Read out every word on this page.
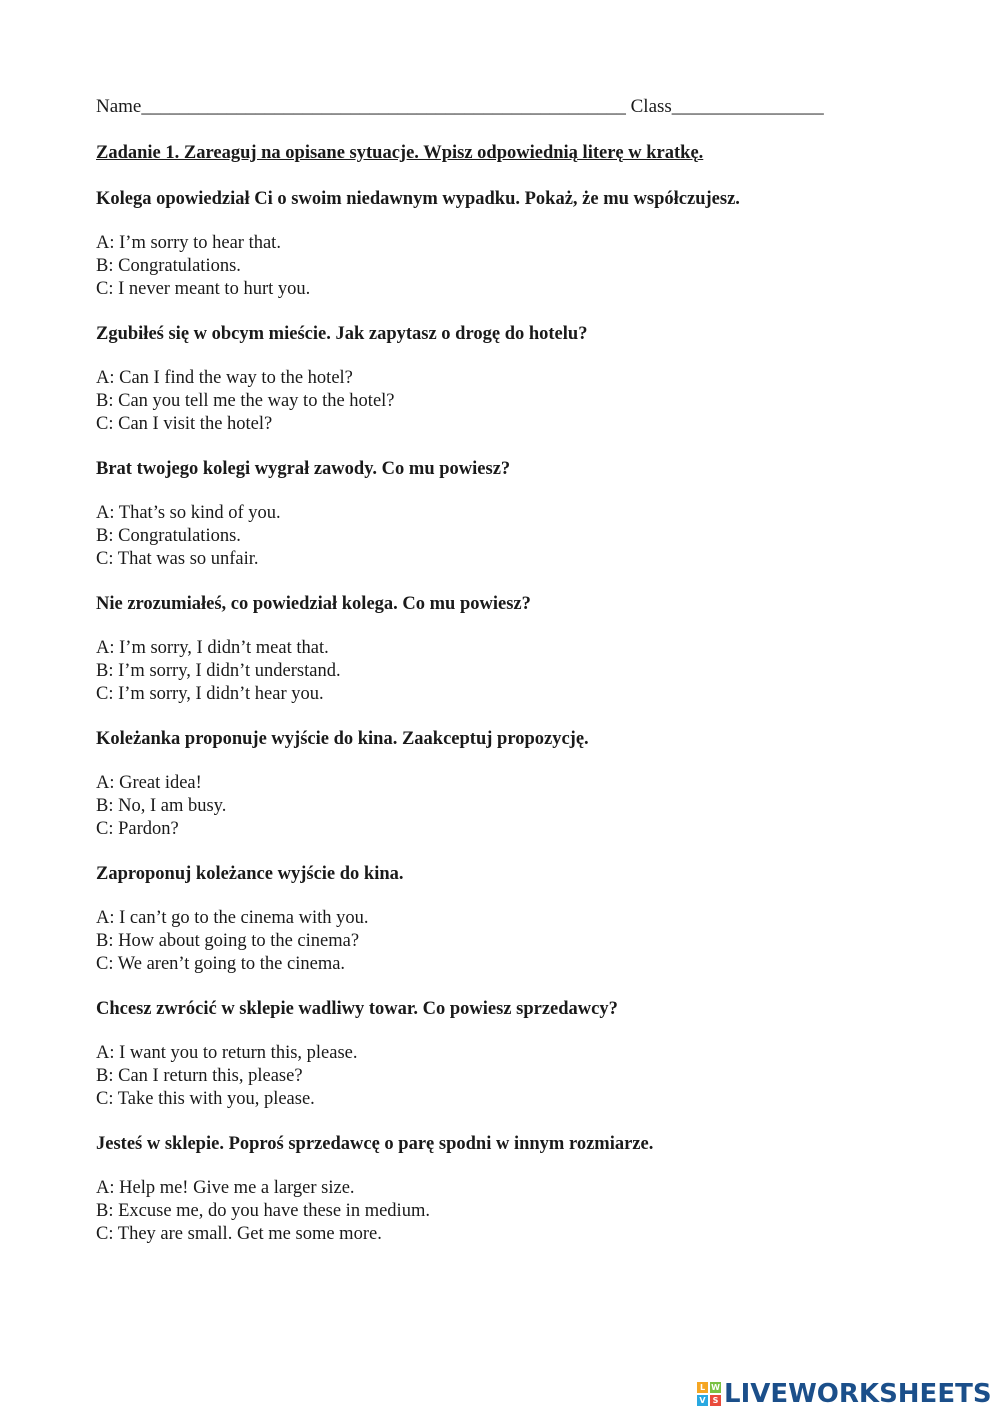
Name___________________________________________________ Class________________

Zadanie 1. Zareaguj na opisane sytuacje. Wpisz odpowiednią literę w kratkę.

Kolega opowiedział Ci o swoim niedawnym wypadku. Pokaż, że mu współczujesz.

A: I’m sorry to hear that.

B: Congratulations.

C: I never meant to hurt you.

Zgubiłeś się w obcym mieście. Jak zapytasz o drogę do hotelu?

A: Can I find the way to the hotel?

B: Can you tell me the way to the hotel?

C: Can I visit the hotel?

Brat twojego kolegi wygrał zawody. Co mu powiesz?

A: That’s so kind of you.

B: Congratulations.

C: That was so unfair.

Nie zrozumiałeś, co powiedział kolega. Co mu powiesz?

A: I’m sorry, I didn’t meat that.

B: I’m sorry, I didn’t understand.

C: I’m sorry, I didn’t hear you.

Koleżanka proponuje wyjście do kina. Zaakceptuj propozycję.

A: Great idea!

B: No, I am busy.

C: Pardon?

Zaproponuj koleżance wyjście do kina.

A: I can’t go to the cinema with you.

B: How about going to the cinema?

C: We aren’t going to the cinema.

Chcesz zwrócić w sklepie wadliwy towar. Co powiesz sprzedawcy?

A: I want you to return this, please.

B: Can I return this, please?

C: Take this with you, please.

Jesteś w sklepie. Poproś sprzedawcę o parę spodni w innym rozmiarze.

A: Help me! Give me a larger size.

B: Excuse me, do you have these in medium.

C: They are small. Get me some more.

L W
V S LIVEWORKSHEETS
